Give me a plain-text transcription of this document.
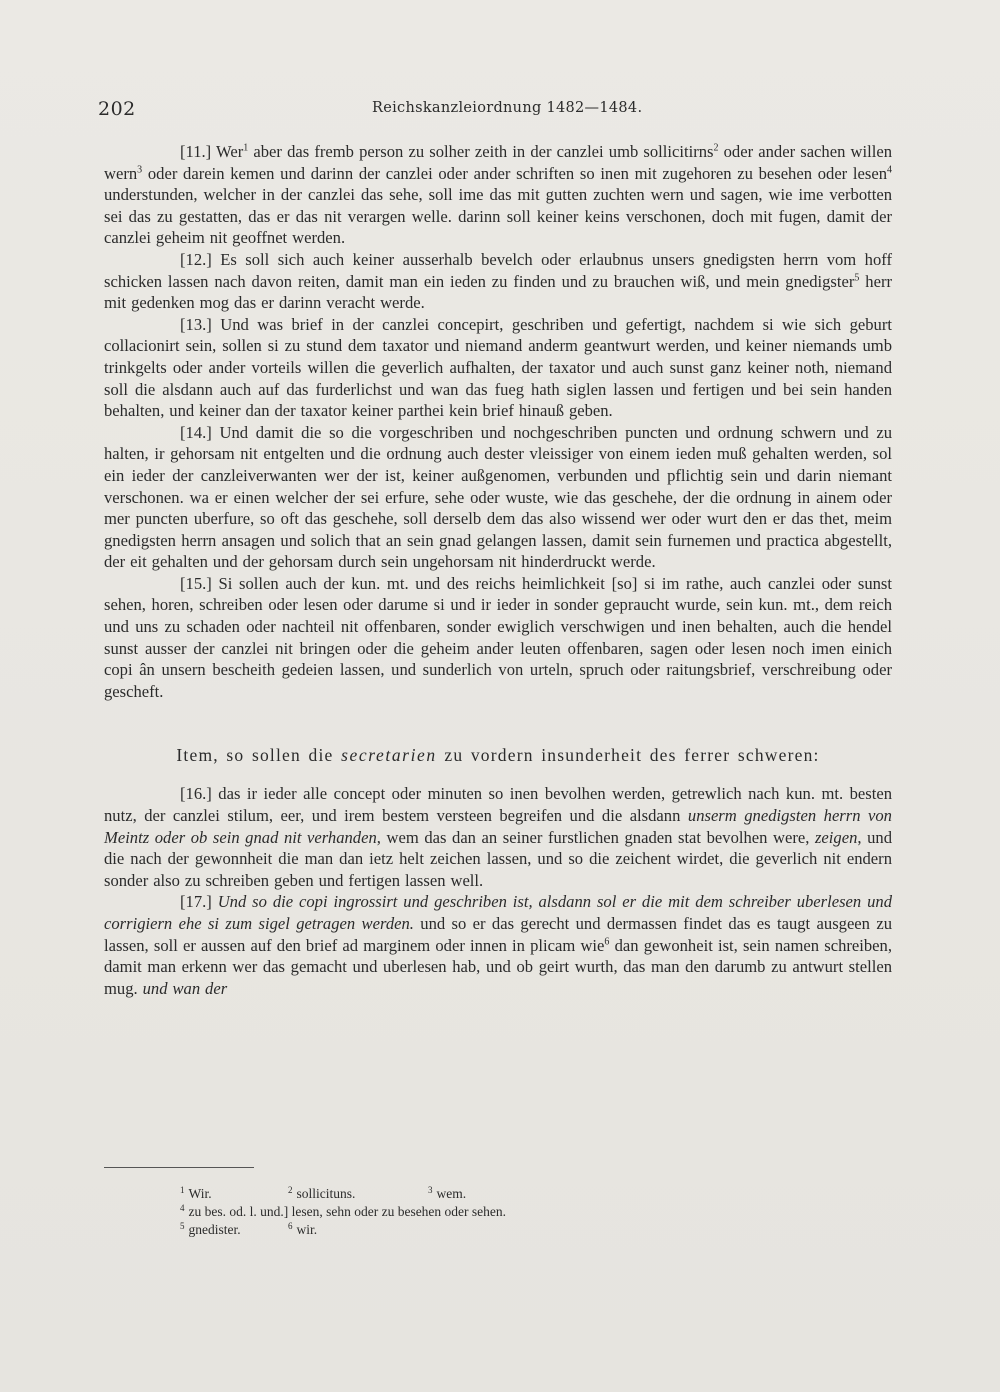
202	Reichskanzleiordnung 1482—1484.

[11.] Wer$^1$ aber das fremb person zu solher zeith in der canzlei umb sollicitirns$^2$ oder ander sachen willen wern$^3$ oder darein kemen und darinn der canzlei oder ander schriften so inen mit zugehoren zu besehen oder lesen$^4$ understunden, welcher in der canzlei das sehe, soll ime das mit gutten zuchten wern und sagen, wie ime verbotten sei das zu gestatten, das er das nit verargen welle. darinn soll keiner keins verschonen, doch mit fugen, damit der canzlei geheim nit geoffnet werden.

[12.] Es soll sich auch keiner ausserhalb bevelch oder erlaubnus unsers gnedigsten herrn vom hoff schicken lassen nach davon reiten, damit man ein ieden zu finden und zu brauchen wiß, und mein gnedigster$^5$ herr mit gedenken mog das er darinn veracht werde.

[13.] Und was brief in der canzlei concepirt, geschriben und gefertigt, nachdem si wie sich geburt collacionirt sein, sollen si zu stund dem taxator und niemand anderm geantwurt werden, und keiner niemands umb trinkgelts oder ander vorteils willen die geverlich aufhalten, der taxator und auch sunst ganz keiner noth, niemand soll die alsdann auch auf das furderlichst und wan das fueg hath siglen lassen und fertigen und bei sein handen behalten, und keiner dan der taxator keiner parthei kein brief hinauß geben.

[14.] Und damit die so die vorgeschriben und nochgeschriben puncten und ordnung schwern und zu halten, ir gehorsam nit entgelten und die ordnung auch dester vleissiger von einem ieden muß gehalten werden, sol ein ieder der canzleiverwanten wer der ist, keiner außgenomen, verbunden und pflichtig sein und darin niemant verschonen. wa er einen welcher der sei erfure, sehe oder wuste, wie das geschehe, der die ordnung in ainem oder mer puncten uberfure, so oft das geschehe, soll derselb dem das also wissend wer oder wurt den er das thet, meim gnedigsten herrn ansagen und solich that an sein gnad gelangen lassen, damit sein furnemen und practica abgestellt, der eit gehalten und der gehorsam durch sein ungehorsam nit hinderdruckt werde.

[15.] Si sollen auch der kun. mt. und des reichs heimlichkeit [so] si im rathe, auch canzlei oder sunst sehen, horen, schreiben oder lesen oder darume si und ir ieder in sonder gepraucht wurde, sein kun. mt., dem reich und uns zu schaden oder nachteil nit offenbaren, sonder ewiglich verschwigen und inen behalten, auch die hendel sunst ausser der canzlei nit bringen oder die geheim ander leuten offenbaren, sagen oder lesen noch imen einich copi ân unsern bescheith gedeien lassen, und sunderlich von urteln, spruch oder raitungsbrief, verschreibung oder gescheft.

Item, so sollen die secretarien zu vordern insunderheit des ferrer schweren:

[16.] das ir ieder alle concept oder minuten so inen bevolhen werden, getrewlich nach kun. mt. besten nutz, der canzlei stilum, eer, und irem bestem versteen begreifen und die alsdann unserm gnedigsten herrn von Meintz oder ob sein gnad nit verhanden, wem das dan an seiner furstlichen gnaden stat bevolhen were, zeigen, und die nach der gewonnheit die man dan ietz helt zeichen lassen, und so die zeichent wirdet, die geverlich nit endern sonder also zu schreiben geben und fertigen lassen well.

[17.] Und so die copi ingrossirt und geschriben ist, alsdann sol er die mit dem schreiber uberlesen und corrigiern ehe si zum sigel getragen werden. und so er das gerecht und dermassen findet das es taugt ausgeen zu lassen, soll er aussen auf den brief ad marginem oder innen in plicam wie$^6$ dan gewonheit ist, sein namen schreiben, damit man erkenn wer das gemacht und uberlesen hab, und ob geirt wurth, das man den darumb zu antwurt stellen mug. und wan der

$^1$ Wir.	$^2$ sollicituns.	$^3$ wem.
$^4$ zu bes. od. l. und.] lesen, sehn oder zu besehen oder sehen.
$^5$ gnedister.	$^6$ wir.
